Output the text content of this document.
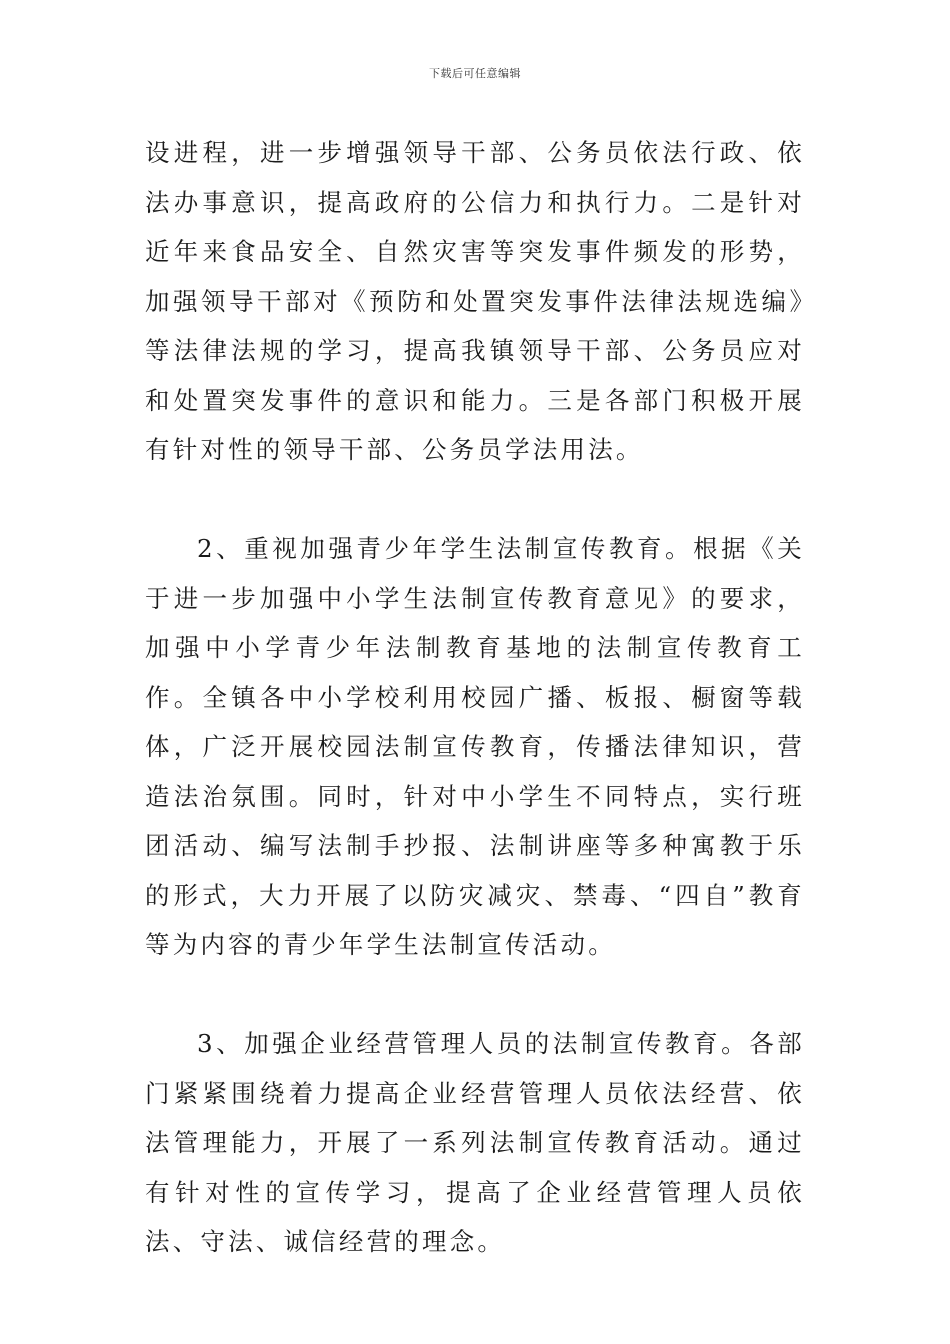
下载后可任意编辑

设进程，进一步增强领导干部、公务员依法行政、依法办事意识，提高政府的公信力和执行力。二是针对近年来食品安全、自然灾害等突发事件频发的形势，加强领导干部对《预防和处置突发事件法律法规选编》等法律法规的学习，提高我镇领导干部、公务员应对和处置突发事件的意识和能力。三是各部门积极开展有针对性的领导干部、公务员学法用法。

2、重视加强青少年学生法制宣传教育。根据《关于进一步加强中小学生法制宣传教育意见》的要求，加强中小学青少年法制教育基地的法制宣传教育工作。全镇各中小学校利用校园广播、板报、橱窗等载体，广泛开展校园法制宣传教育，传播法律知识，营造法治氛围。同时，针对中小学生不同特点，实行班团活动、编写法制手抄报、法制讲座等多种寓教于乐的形式，大力开展了以防灾减灾、禁毒、“四自”教育等为内容的青少年学生法制宣传活动。

3、加强企业经营管理人员的法制宣传教育。各部门紧紧围绕着力提高企业经营管理人员依法经营、依法管理能力，开展了一系列法制宣传教育活动。通过有针对性的宣传学习，提高了企业经营管理人员依法、守法、诚信经营的理念。
